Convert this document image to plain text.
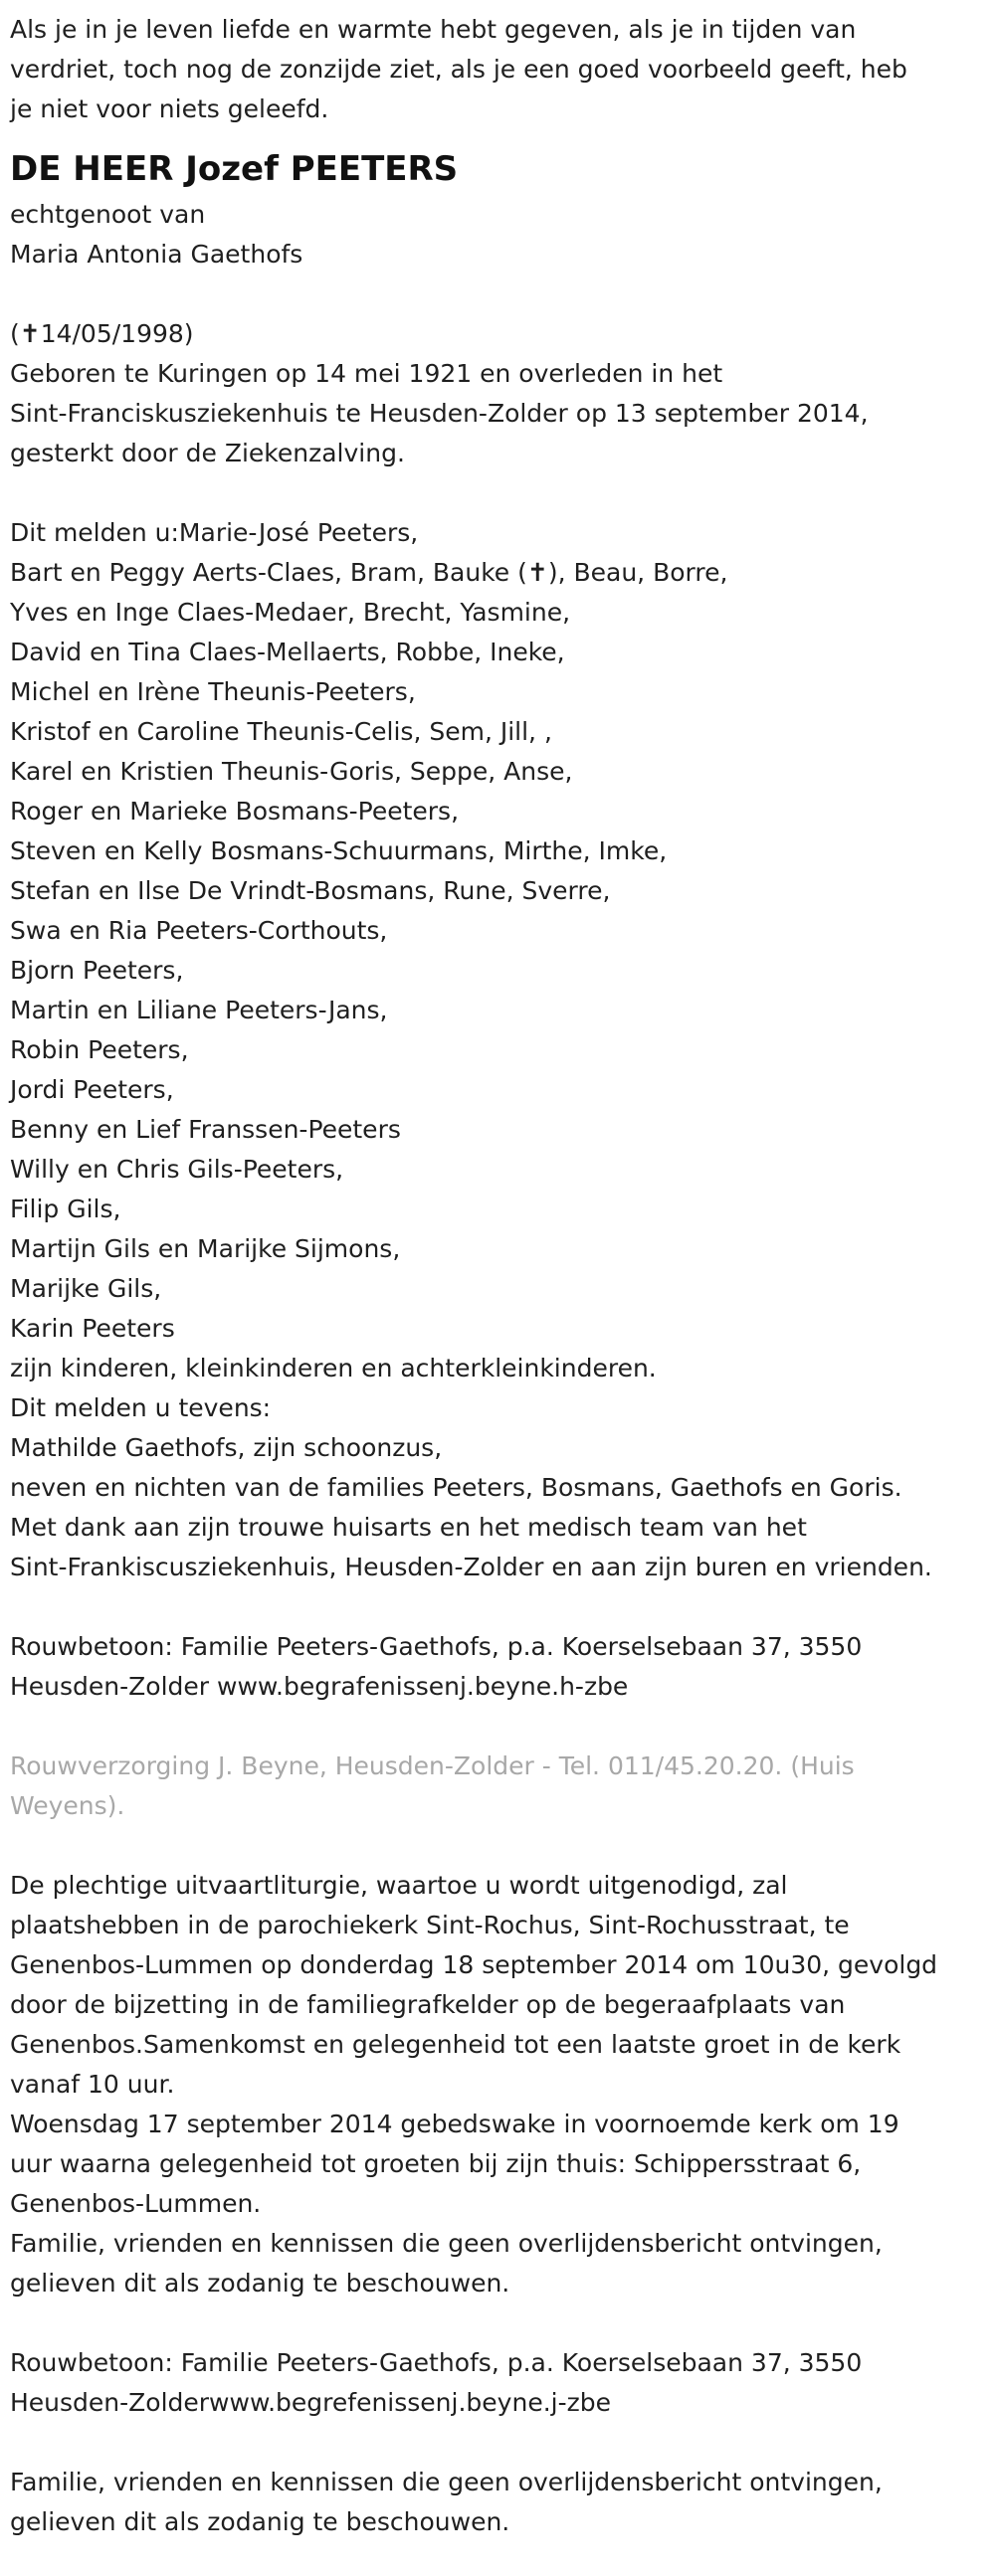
Als je in je leven liefde en warmte hebt gegeven, als je in tijden van
verdriet, toch nog de zonzijde ziet, als je een goed voorbeeld geeft, heb
je niet voor niets geleefd.

DE HEER Jozef PEETERS

echtgenoot van
Maria Antonia Gaethofs

(✝14/05/1998)
Geboren te Kuringen op 14 mei 1921 en overleden in het
Sint-Franciskusziekenhuis te Heusden-Zolder op 13 september 2014,
gesterkt door de Ziekenzalving.

Dit melden u:Marie-José Peeters,
Bart en Peggy Aerts-Claes, Bram, Bauke (✝), Beau, Borre,
Yves en Inge Claes-Medaer, Brecht, Yasmine,
David en Tina Claes-Mellaerts, Robbe, Ineke,
Michel en Irène Theunis-Peeters,
Kristof en Caroline Theunis-Celis, Sem, Jill, ,
Karel en Kristien Theunis-Goris, Seppe, Anse,
Roger en Marieke Bosmans-Peeters,
Steven en Kelly Bosmans-Schuurmans, Mirthe, Imke,
Stefan en Ilse De Vrindt-Bosmans, Rune, Sverre,
Swa en Ria Peeters-Corthouts,
Bjorn Peeters,
Martin en Liliane Peeters-Jans,
Robin Peeters,
Jordi Peeters,
Benny en Lief Franssen-Peeters
Willy en Chris Gils-Peeters,
Filip Gils,
Martijn Gils en Marijke Sijmons,
Marijke Gils,
Karin Peeters
zijn kinderen, kleinkinderen en achterkleinkinderen.
Dit melden u tevens:
Mathilde Gaethofs, zijn schoonzus,
neven en nichten van de families Peeters, Bosmans, Gaethofs en Goris.
Met dank aan zijn trouwe huisarts en het medisch team van het
Sint-Frankiscusziekenhuis, Heusden-Zolder en aan zijn buren en vrienden.

Rouwbetoon: Familie Peeters-Gaethofs, p.a. Koerselsebaan 37, 3550
Heusden-Zolder www.begrafenissenj.beyne.h-zbe

Rouwverzorging J. Beyne, Heusden-Zolder - Tel. 011/45.20.20. (Huis
Weyens).

De plechtige uitvaartliturgie, waartoe u wordt uitgenodigd, zal
plaatshebben in de parochiekerk Sint-Rochus, Sint-Rochusstraat, te
Genenbos-Lummen op donderdag 18 september 2014 om 10u30, gevolgd
door de bijzetting in de familiegrafkelder op de begeraafplaats van
Genenbos.Samenkomst en gelegenheid tot een laatste groet in de kerk
vanaf 10 uur.
Woensdag 17 september 2014 gebedswake in voornoemde kerk om 19
uur waarna gelegenheid tot groeten bij zijn thuis: Schippersstraat 6,
Genenbos-Lummen.
Familie, vrienden en kennissen die geen overlijdensbericht ontvingen,
gelieven dit als zodanig te beschouwen.

Rouwbetoon: Familie Peeters-Gaethofs, p.a. Koerselsebaan 37, 3550
Heusden-Zolderwww.begrefenissenj.beyne.j-zbe

Familie, vrienden en kennissen die geen overlijdensbericht ontvingen,
gelieven dit als zodanig te beschouwen.
